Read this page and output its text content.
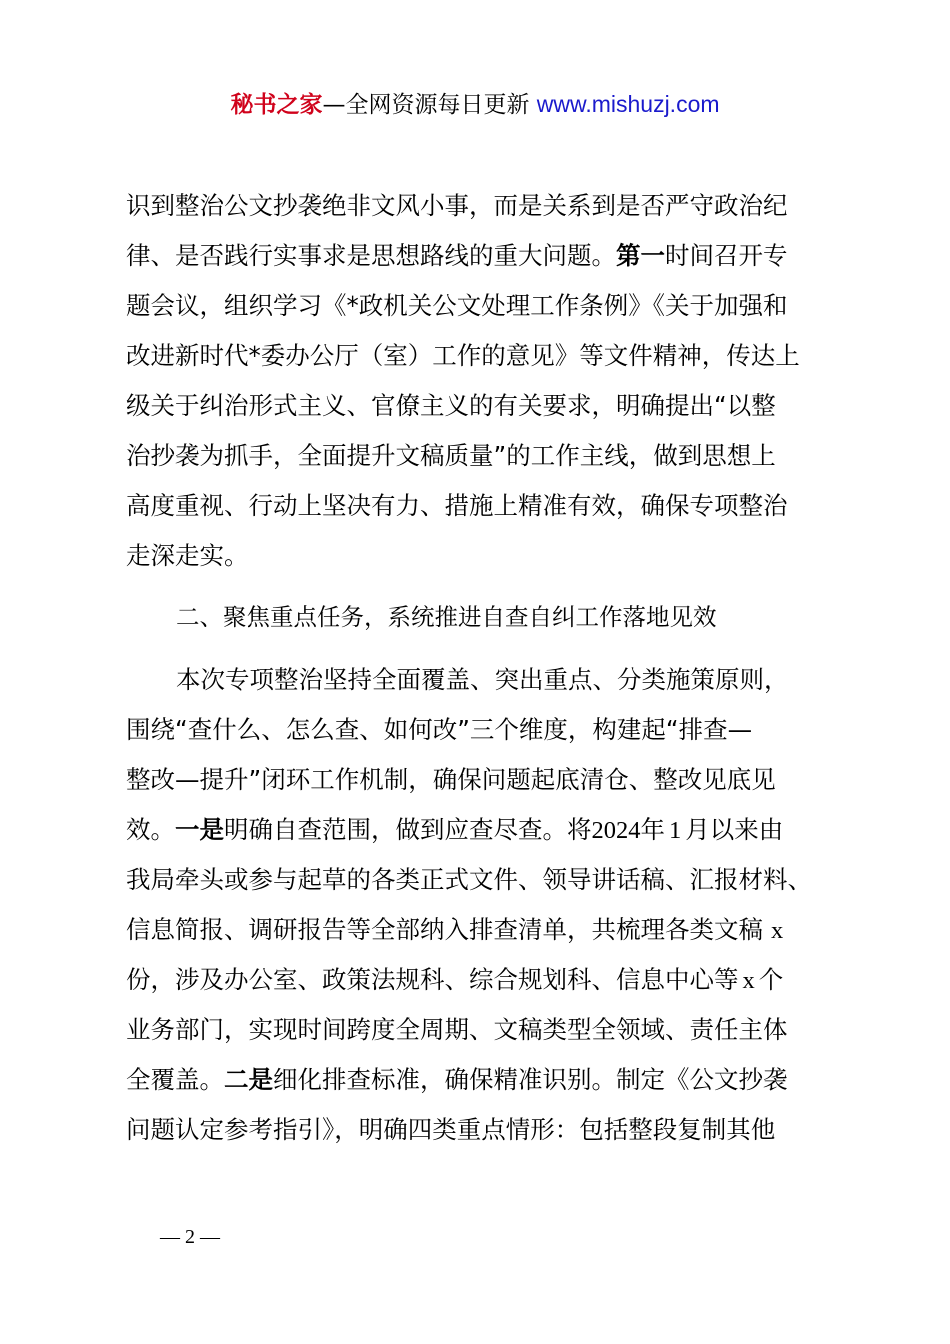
秘书之家—全网资源每日更新 www.mishuzj.com
识到整治公文抄袭绝非文风小事，而是关系到是否严守政治纪
律、是否践行实事求是思想路线的重大问题。第一时间召开专
题会议，组织学习《*政机关公文处理工作条例》《关于加强和
改进新时代*委办公厅（室）工作的意见》等文件精神，传达上
级关于纠治形式主义、官僚主义的有关要求，明确提出“以整
治抄袭为抓手，全面提升文稿质量”的工作主线，做到思想上
高度重视、行动上坚决有力、措施上精准有效，确保专项整治
走深走实。
二、聚焦重点任务，系统推进自查自纠工作落地见效
本次专项整治坚持全面覆盖、突出重点、分类施策原则，
围绕“查什么、怎么查、如何改”三个维度，构建起“排查—
整改—提升”闭环工作机制，确保问题起底清仓、整改见底见
效。一是明确自查范围，做到应查尽查。将2024年 1 月以来由
我局牵头或参与起草的各类正式文件、领导讲话稿、汇报材料、
信息简报、调研报告等全部纳入排查清单，共梳理各类文稿 x
份，涉及办公室、政策法规科、综合规划科、信息中心等 x 个
业务部门，实现时间跨度全周期、文稿类型全领域、责任主体
全覆盖。二是细化排查标准，确保精准识别。制定《公文抄袭
问题认定参考指引》，明确四类重点情形：包括整段复制其他
— 2 —
